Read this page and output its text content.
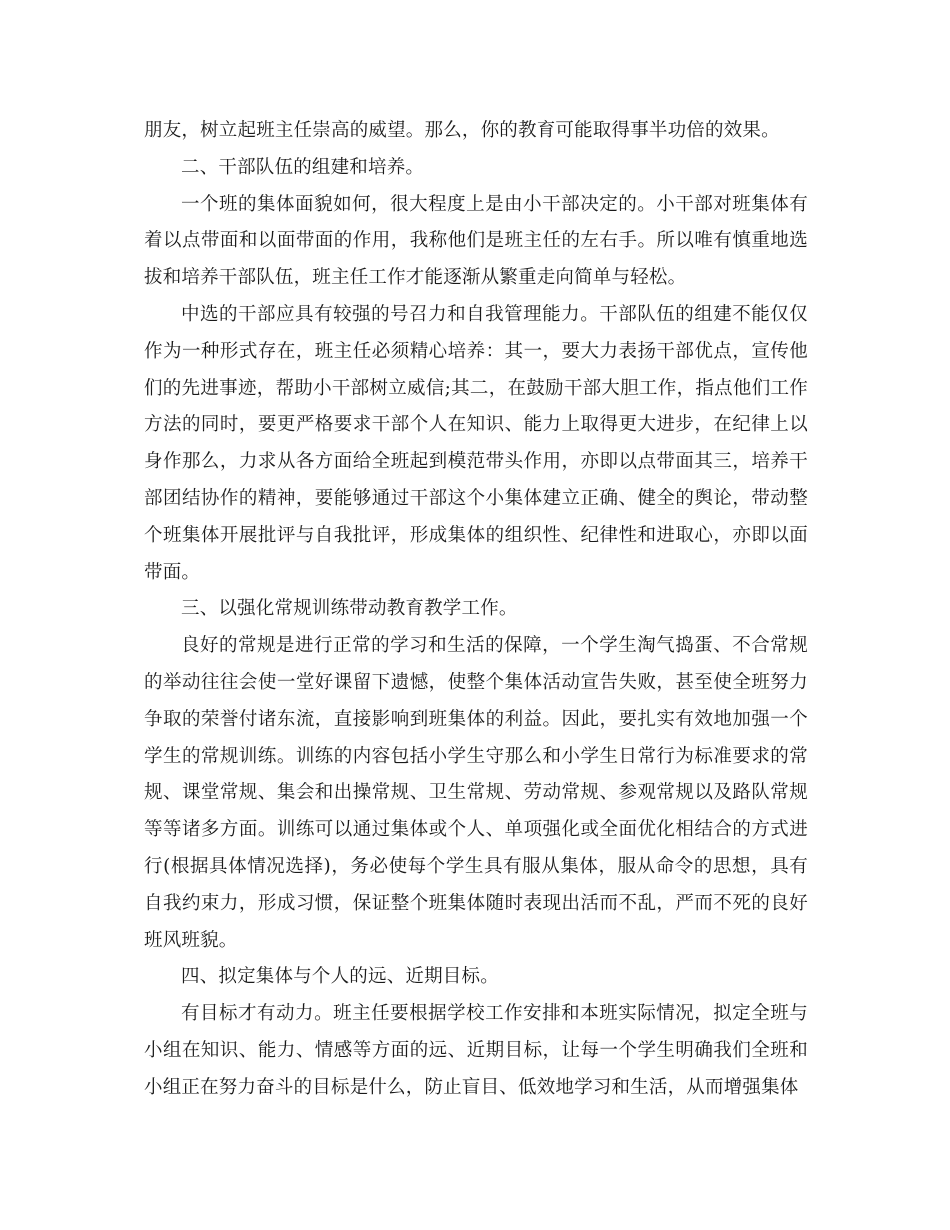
朋友，树立起班主任崇高的威望。那么，你的教育可能取得事半功倍的效果。

二、干部队伍的组建和培养。

一个班的集体面貌如何，很大程度上是由小干部决定的。小干部对班集体有着以点带面和以面带面的作用，我称他们是班主任的左右手。所以唯有慎重地选拔和培养干部队伍，班主任工作才能逐渐从繁重走向简单与轻松。

中选的干部应具有较强的号召力和自我管理能力。干部队伍的组建不能仅仅作为一种形式存在，班主任必须精心培养：其一，要大力表扬干部优点，宣传他们的先进事迹，帮助小干部树立威信;其二，在鼓励干部大胆工作，指点他们工作方法的同时，要更严格要求干部个人在知识、能力上取得更大进步，在纪律上以身作那么，力求从各方面给全班起到模范带头作用，亦即以点带面其三，培养干部团结协作的精神，要能够通过干部这个小集体建立正确、健全的舆论，带动整个班集体开展批评与自我批评，形成集体的组织性、纪律性和进取心，亦即以面带面。

三、以强化常规训练带动教育教学工作。

良好的常规是进行正常的学习和生活的保障，一个学生淘气捣蛋、不合常规的举动往往会使一堂好课留下遗憾，使整个集体活动宣告失败，甚至使全班努力争取的荣誉付诸东流，直接影响到班集体的利益。因此，要扎实有效地加强一个学生的常规训练。训练的内容包括小学生守那么和小学生日常行为标准要求的常规、课堂常规、集会和出操常规、卫生常规、劳动常规、参观常规以及路队常规等等诸多方面。训练可以通过集体或个人、单项强化或全面优化相结合的方式进行(根据具体情况选择)，务必使每个学生具有服从集体，服从命令的思想，具有自我约束力，形成习惯，保证整个班集体随时表现出活而不乱，严而不死的良好班风班貌。

四、拟定集体与个人的远、近期目标。

有目标才有动力。班主任要根据学校工作安排和本班实际情况，拟定全班与小组在知识、能力、情感等方面的远、近期目标，让每一个学生明确我们全班和小组正在努力奋斗的目标是什么，防止盲目、低效地学习和生活，从而增强集体
